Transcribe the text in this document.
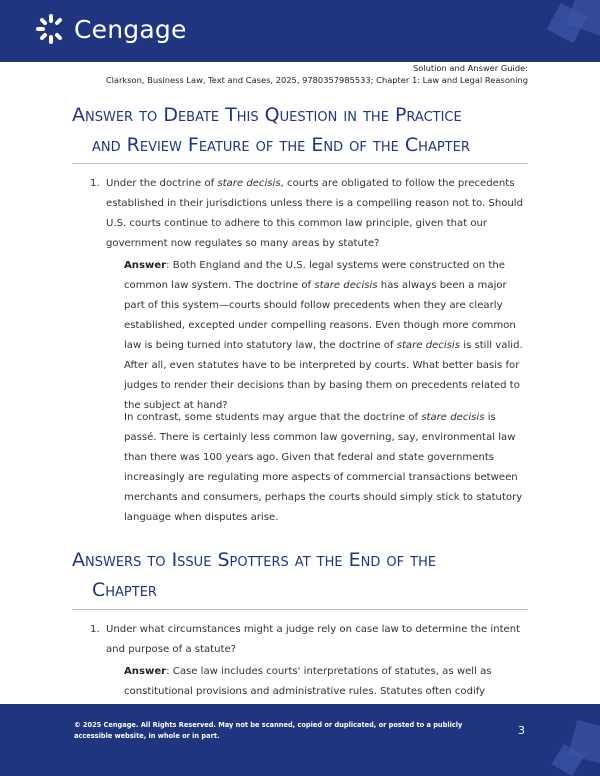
Cengage
Solution and Answer Guide:
Clarkson, Business Law, Text and Cases, 2025, 9780357985533; Chapter 1: Law and Legal Reasoning
Answer to Debate This Question in the Practice
and Review Feature of the End of the Chapter
1. Under the doctrine of stare decisis, courts are obligated to follow the precedents established in their jurisdictions unless there is a compelling reason not to. Should U.S. courts continue to adhere to this common law principle, given that our government now regulates so many areas by statute?
Answer: Both England and the U.S. legal systems were constructed on the common law system. The doctrine of stare decisis has always been a major part of this system—courts should follow precedents when they are clearly established, excepted under compelling reasons. Even though more common law is being turned into statutory law, the doctrine of stare decisis is still valid. After all, even statutes have to be interpreted by courts. What better basis for judges to render their decisions than by basing them on precedents related to the subject at hand?
In contrast, some students may argue that the doctrine of stare decisis is passé. There is certainly less common law governing, say, environmental law than there was 100 years ago. Given that federal and state governments increasingly are regulating more aspects of commercial transactions between merchants and consumers, perhaps the courts should simply stick to statutory language when disputes arise.
Answers to Issue Spotters at the End of the
Chapter
1. Under what circumstances might a judge rely on case law to determine the intent and purpose of a statute?
Answer: Case law includes courts' interpretations of statutes, as well as constitutional provisions and administrative rules. Statutes often codify
© 2025 Cengage. All Rights Reserved. May not be scanned, copied or duplicated, or posted to a publicly accessible website, in whole or in part.	3
